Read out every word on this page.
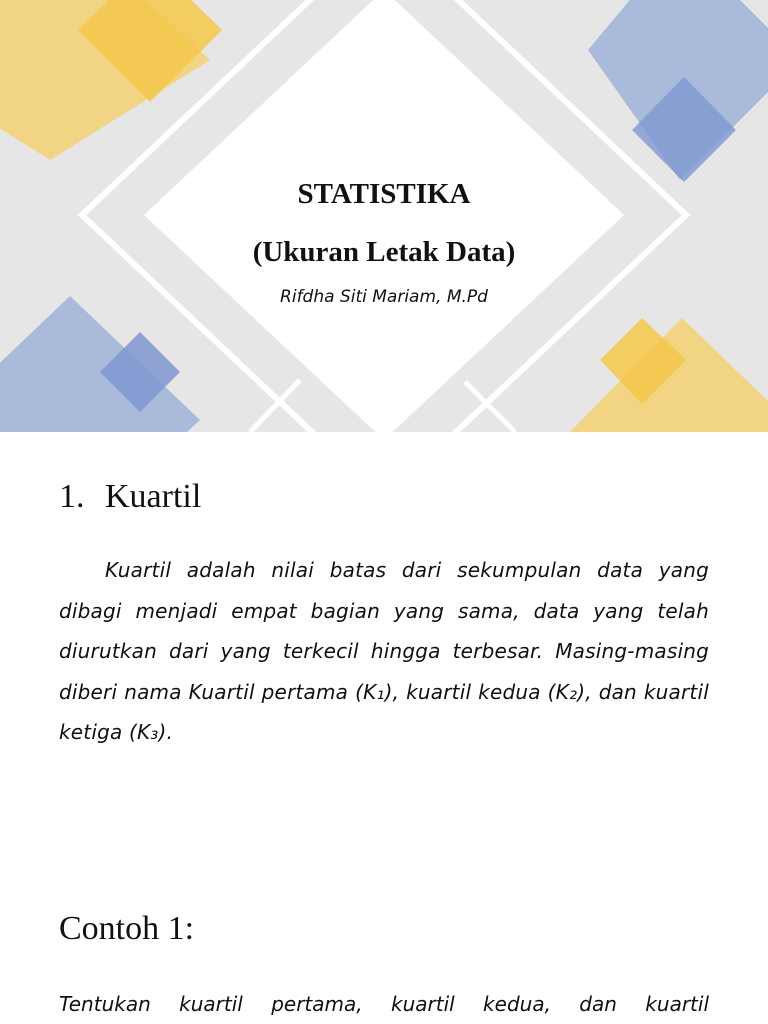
STATISTIKA
(Ukuran Letak Data)
Rifdha Siti Mariam, M.Pd
1. Kuartil

Kuartil adalah nilai batas dari sekumpulan data yang dibagi menjadi empat bagian yang sama, data yang telah diurutkan dari yang terkecil hingga terbesar. Masing-masing diberi nama Kuartil pertama (K₁), kuartil kedua (K₂), dan kuartil ketiga (K₃).

Contoh 1:

Tentukan kuartil pertama, kuartil kedua, dan kuartil
